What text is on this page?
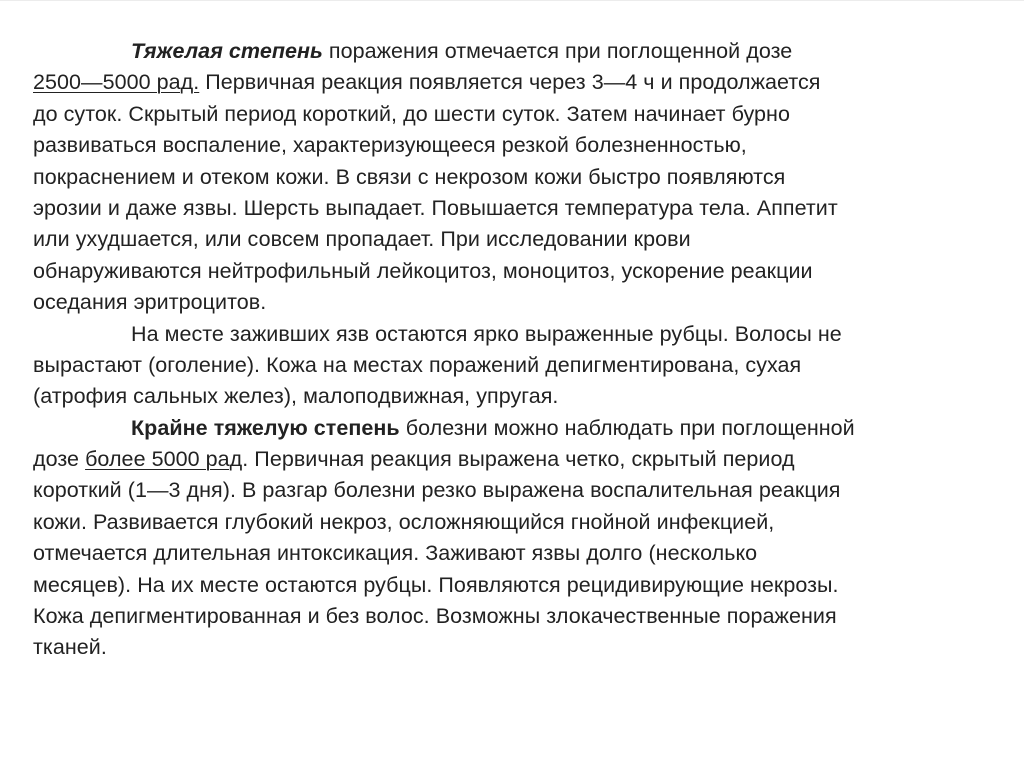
Тяжелая степень поражения отмечается при поглощенной дозе
2500—5000 рад. Первичная реакция появляется через 3—4 ч и продолжается
до суток. Скрытый период короткий, до шести суток. Затем начинает бурно
развиваться воспаление, характеризующееся резкой болезненностью,
покраснением и отеком кожи. В связи с некрозом кожи быстро появляются
эрозии и даже язвы. Шерсть выпадает. Повышается температура тела. Аппетит
или ухудшается, или совсем пропадает. При исследовании крови
обнаруживаются нейтрофильный лейкоцитоз, моноцитоз, ускорение реакции
оседания эритроцитов.
На месте заживших язв остаются ярко выраженные рубцы. Волосы не
вырастают (оголение). Кожа на местах поражений депигментирована, сухая
(атрофия сальных желез), малоподвижная, упругая.
Крайне тяжелую степень болезни можно наблюдать при поглощенной
дозе более 5000 рад. Первичная реакция выражена четко, скрытый период
короткий (1—3 дня). В разгар болезни резко выражена воспалительная реакция
кожи. Развивается глубокий некроз, осложняющийся гнойной инфекцией,
отмечается длительная интоксикация. Заживают язвы долго (несколько
месяцев). На их месте остаются рубцы. Появляются рецидивирующие некрозы.
Кожа депигментированная и без волос. Возможны злокачественные поражения
тканей.
